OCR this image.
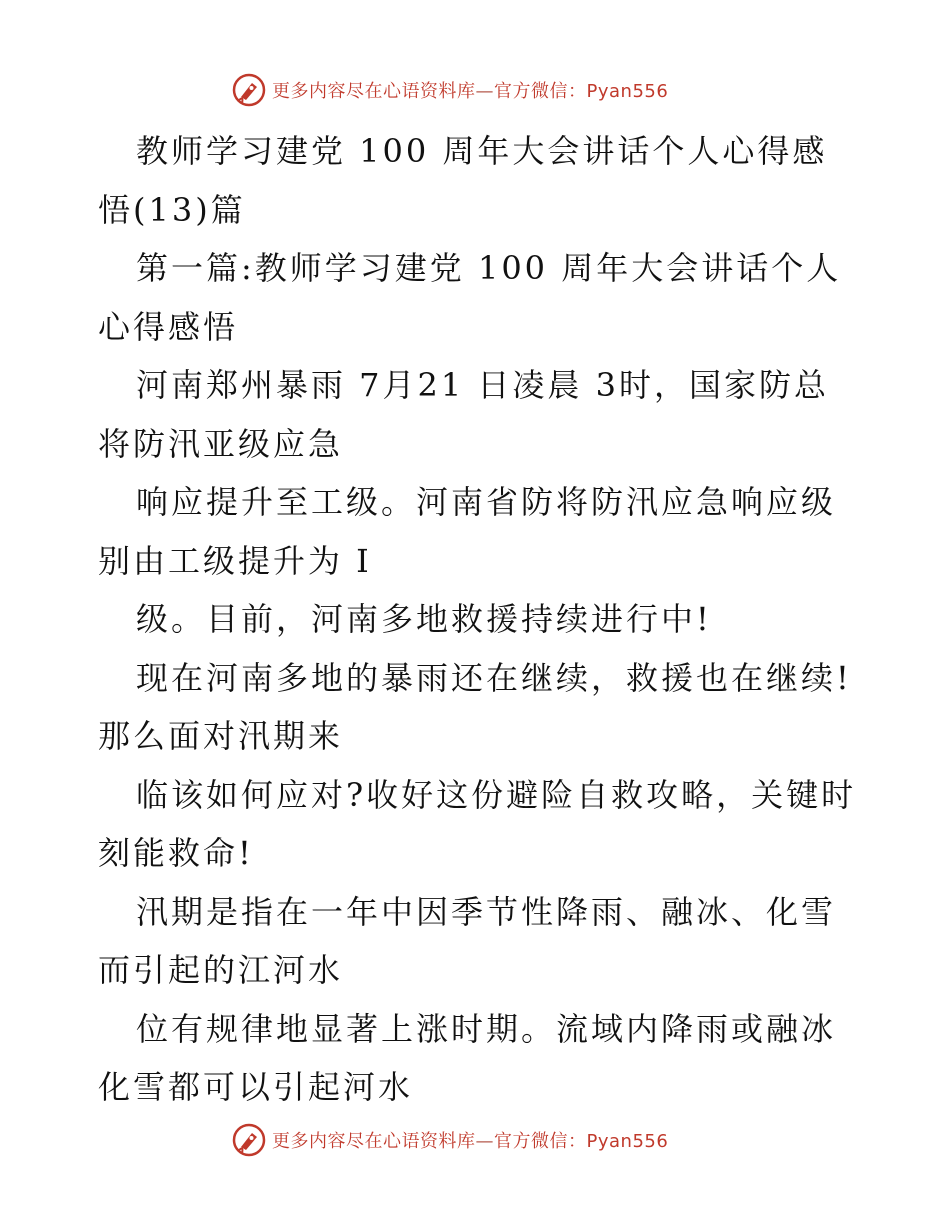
更多内容尽在心语资料库—官方微信：Pyan556

教师学习建党 100 周年大会讲话个人心得感悟(13)篇

第一篇:教师学习建党 100 周年大会讲话个人心得感悟

河南郑州暴雨 7月21 日凌晨 3时，国家防总将防汛亚级应急

响应提升至工级。河南省防将防汛应急响应级别由工级提升为 I

级。目前，河南多地救援持续进行中!

现在河南多地的暴雨还在继续，救援也在继续!那么面对汛期来

临该如何应对?收好这份避险自救攻略，关键时刻能救命!

汛期是指在一年中因季节性降雨、融冰、化雪而引起的江河水

位有规律地显著上涨时期。流域内降雨或融冰化雪都可以引起河水

更多内容尽在心语资料库—官方微信：Pyan556
